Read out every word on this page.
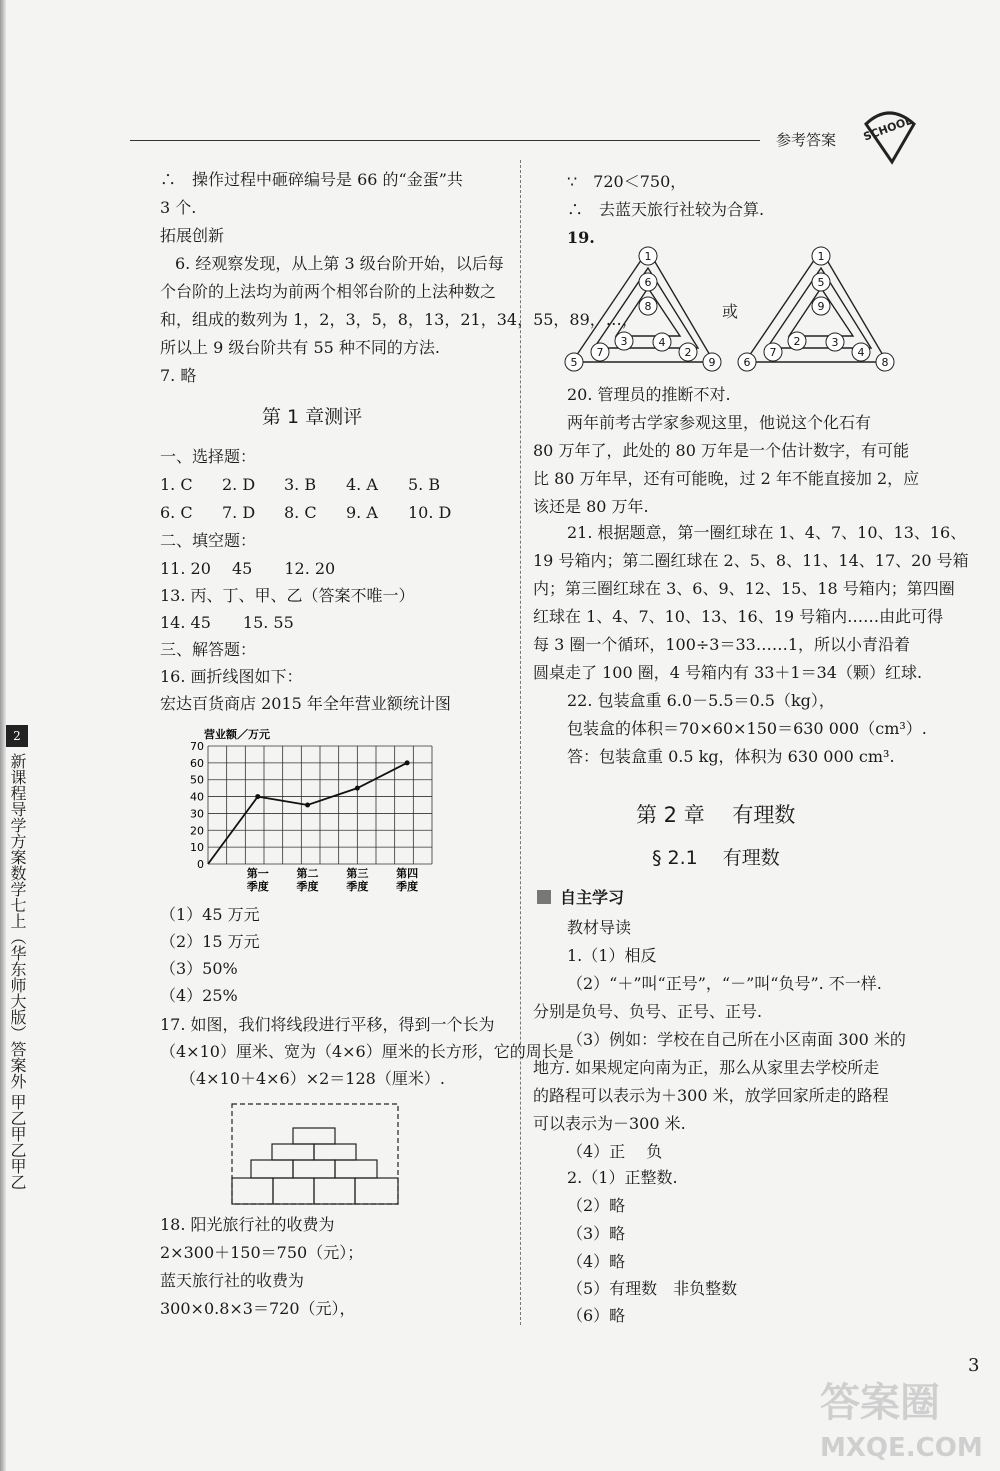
参考答案 SCHOOL
2
新课程导学方案数学七上（华东师大版）答案外 甲乙甲乙甲乙
∴　操作过程中砸碎编号是 66 的“金蛋”共
3 个.
拓展创新
6. 经观察发现，从上第 3 级台阶开始，以后每
个台阶的上法均为前两个相邻台阶的上法种数之
和，组成的数列为 1，2，3，5，8，13，21，34，55，89，…，
所以上 9 级台阶共有 55 种不同的方法.
7. 略
第 1 章测评
一、选择题：
1. C 2. D 3. B 4. A 5. B
6. C 7. D 8. C 9. A 10. D
二、填空题：
11. 20　 45　　12. 20
13. 丙、丁、甲、乙（答案不唯一）
14. 45　　15. 55
三、解答题：
16. 画折线图如下：
宏达百货商店 2015 年全年营业额统计图
营业额／万元
0
10
20
30
40
50
60
70
第一
季度
第二
季度
第三
季度
第四
季度
（1）45 万元
（2）15 万元
（3）50%
（4）25%
17. 如图，我们将线段进行平移，得到一个长为
（4×10）厘米、宽为（4×6）厘米的长方形，它的周长是
（4×10＋4×6）×2＝128（厘米）.
18. 阳光旅行社的收费为
2×300＋150＝750（元）；
蓝天旅行社的收费为
300×0.8×3＝720（元），
∵　720＜750，
∴　去蓝天旅行社较为合算.
19.
1
6
8
3	4
2
7
5	9
或
1
5
9
2	3
4
7
6	8
20. 管理员的推断不对.
两年前考古学家参观这里，他说这个化石有
80 万年了，此处的 80 万年是一个估计数字，有可能
比 80 万年早，还有可能晚，过 2 年不能直接加 2，应
该还是 80 万年.
21. 根据题意，第一圈红球在 1、4、7、10、13、16、
19 号箱内；第二圈红球在 2、5、8、11、14、17、20 号箱
内；第三圈红球在 3、6、9、12、15、18 号箱内；第四圈
红球在 1、4、7、10、13、16、19 号箱内……由此可得
每 3 圈一个循环，100÷3＝33……1，所以小青沿着
圆桌走了 100 圈，4 号箱内有 33＋1＝34（颗）红球.
22. 包装盒重 6.0－5.5＝0.5（kg），
包装盒的体积＝70×60×150＝630 000（cm³）.
答：包装盒重 0.5 kg，体积为 630 000 cm³.
第 2 章　 有理数
§ 2.1　 有理数
自主学习
教材导读
1.（1）相反
（2）“＋”叫“正号”，“－”叫“负号”. 不一样.
分别是负号、负号、正号、正号.
（3）例如：学校在自己所在小区南面 300 米的
地方. 如果规定向南为正，那么从家里去学校所走
的路程可以表示为＋300 米，放学回家所走的路程
可以表示为－300 米.
（4）正　 负
2.（1）正整数.
（2）略
（3）略
（4）略
（5）有理数　非负整数
（6）略
3
答案圈
MXQE.COM
